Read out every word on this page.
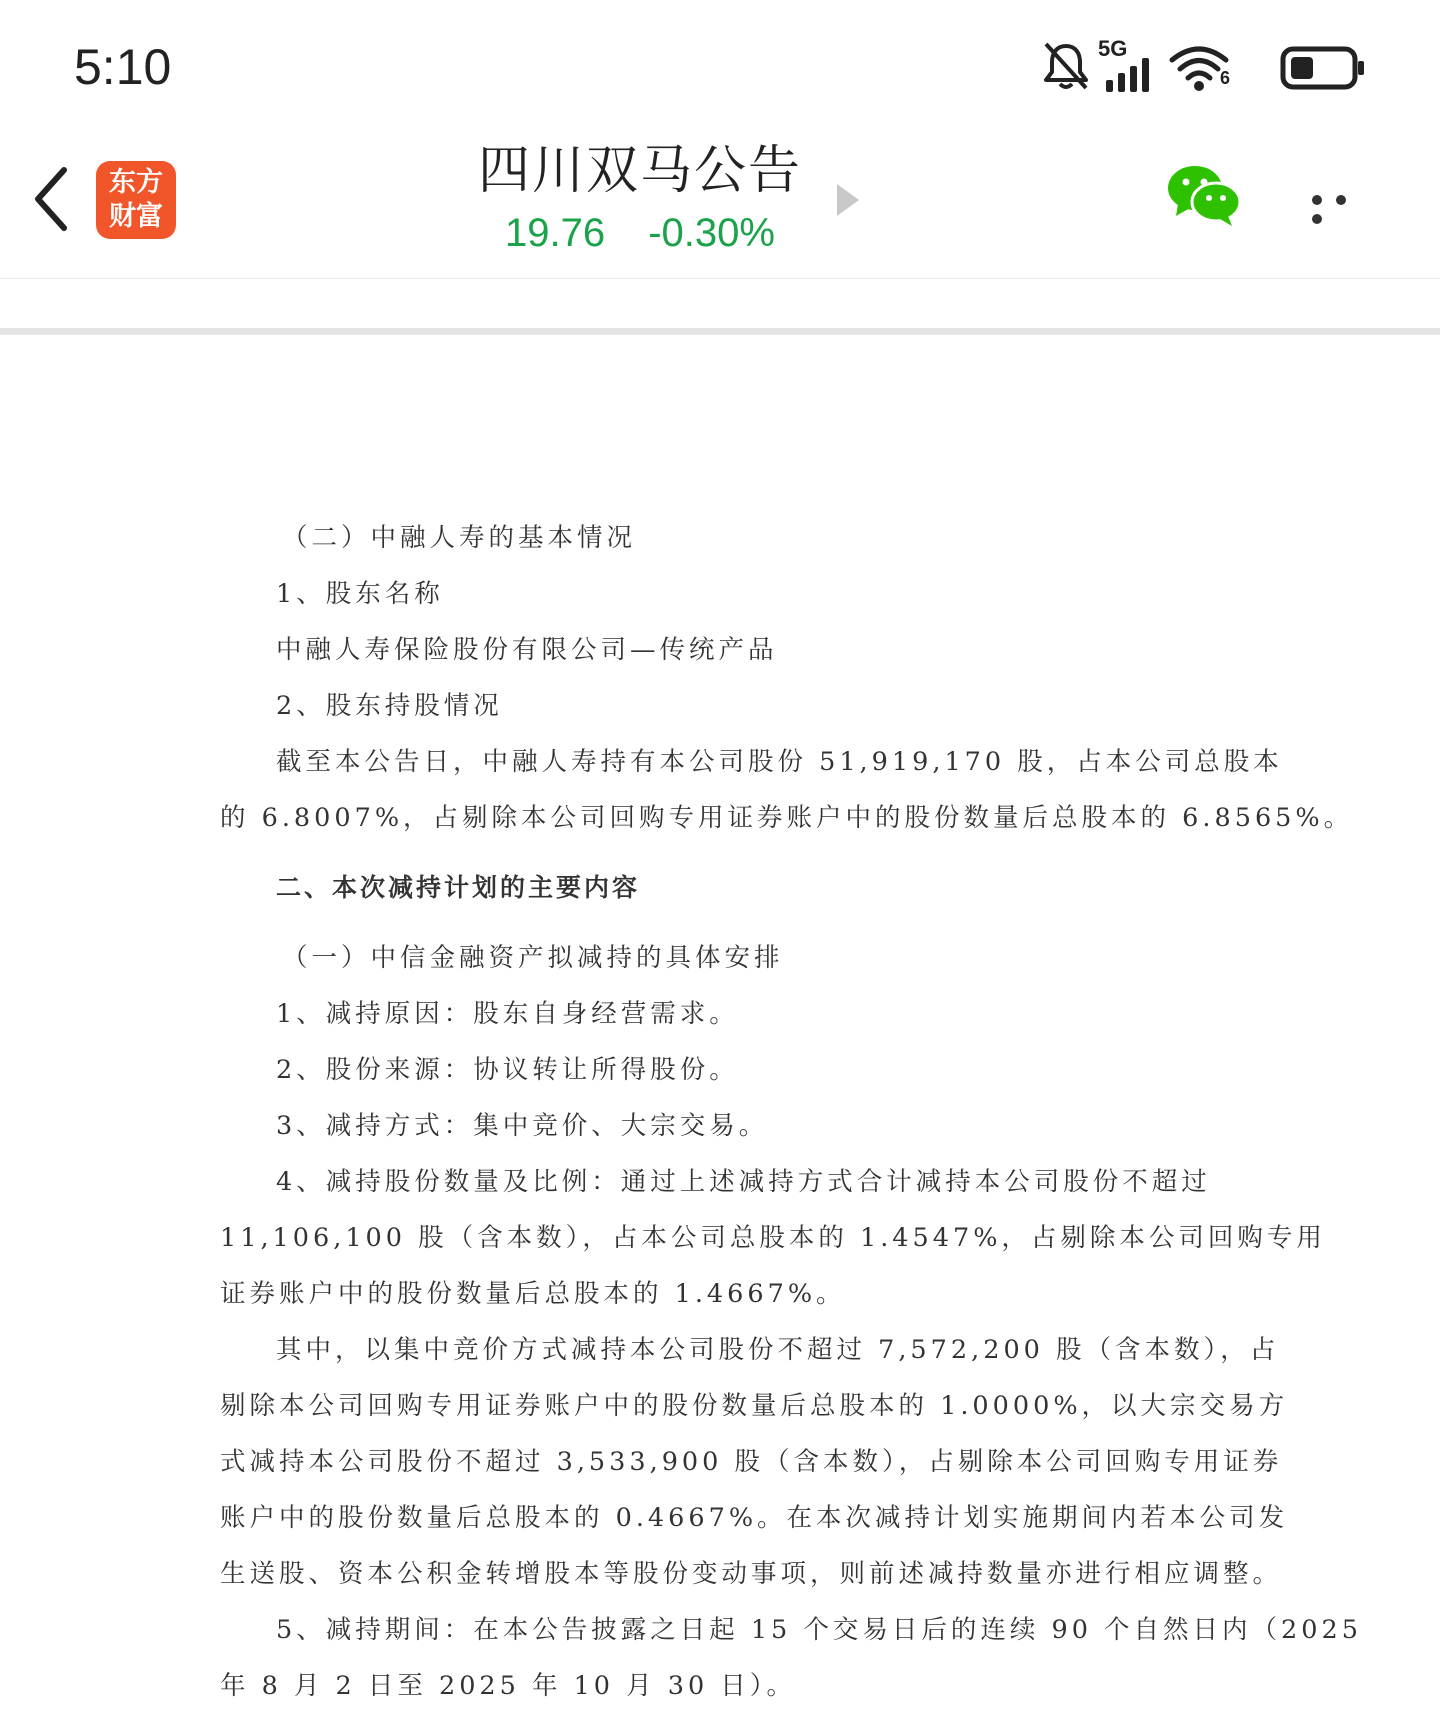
5:10	5G
6
东方
财富
四川双马公告
19.76 -0.30%

（二）中融人寿的基本情况

1、股东名称

中融人寿保险股份有限公司—传统产品

2、股东持股情况

截至本公告日，中融人寿持有本公司股份 51,919,170 股，占本公司总股本

的 6.8007%，占剔除本公司回购专用证券账户中的股份数量后总股本的 6.8565%。

二、本次减持计划的主要内容

（一）中信金融资产拟减持的具体安排

1、减持原因：股东自身经营需求。

2、股份来源：协议转让所得股份。

3、减持方式：集中竞价、大宗交易。

4、减持股份数量及比例：通过上述减持方式合计减持本公司股份不超过

11,106,100 股（含本数），占本公司总股本的 1.4547%，占剔除本公司回购专用

证券账户中的股份数量后总股本的 1.4667%。

其中，以集中竞价方式减持本公司股份不超过 7,572,200 股（含本数），占

剔除本公司回购专用证券账户中的股份数量后总股本的 1.0000%，以大宗交易方

式减持本公司股份不超过 3,533,900 股（含本数），占剔除本公司回购专用证券

账户中的股份数量后总股本的 0.4667%。在本次减持计划实施期间内若本公司发

生送股、资本公积金转增股本等股份变动事项，则前述减持数量亦进行相应调整。

5、减持期间：在本公告披露之日起 15 个交易日后的连续 90 个自然日内（2025

年 8 月 2 日至 2025 年 10 月 30 日）。
